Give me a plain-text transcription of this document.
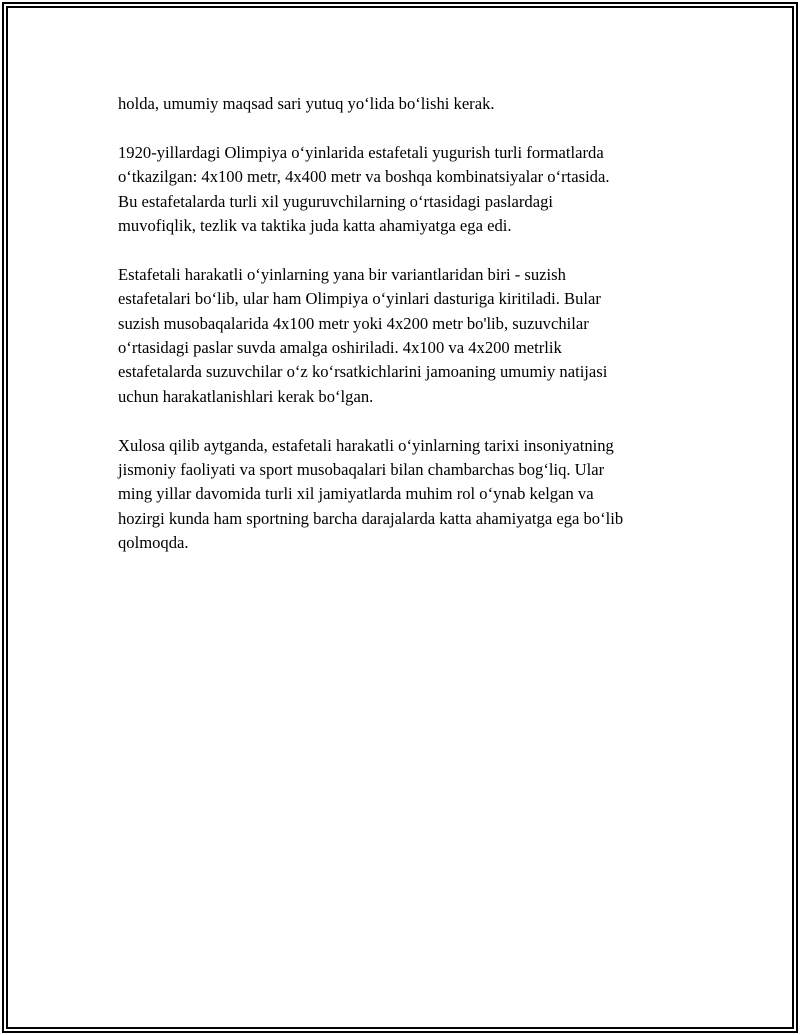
holda, umumiy maqsad sari yutuq yoʻlida boʻlishi kerak.

1920-yillardagi Olimpiya oʻyinlarida estafetali yugurish turli formatlarda
oʻtkazilgan: 4x100 metr, 4x400 metr va boshqa kombinatsiyalar oʻrtasida.
Bu estafetalarda turli xil yuguruvchilarning oʻrtasidagi paslardagi
muvofiqlik, tezlik va taktika juda katta ahamiyatga ega edi.

Estafetali harakatli oʻyinlarning yana bir variantlaridan biri - suzish
estafetalari boʻlib, ular ham Olimpiya oʻyinlari dasturiga kiritiladi. Bular
suzish musobaqalarida 4x100 metr yoki 4x200 metr bo'lib, suzuvchilar
oʻrtasidagi paslar suvda amalga oshiriladi. 4x100 va 4x200 metrlik
estafetalarda suzuvchilar oʻz koʻrsatkichlarini jamoaning umumiy natijasi
uchun harakatlanishlari kerak boʻlgan.

Xulosa qilib aytganda, estafetali harakatli oʻyinlarning tarixi insoniyatning
jismoniy faoliyati va sport musobaqalari bilan chambarchas bogʻliq. Ular
ming yillar davomida turli xil jamiyatlarda muhim rol oʻynab kelgan va
hozirgi kunda ham sportning barcha darajalarda katta ahamiyatga ega boʻlib
qolmoqda.
